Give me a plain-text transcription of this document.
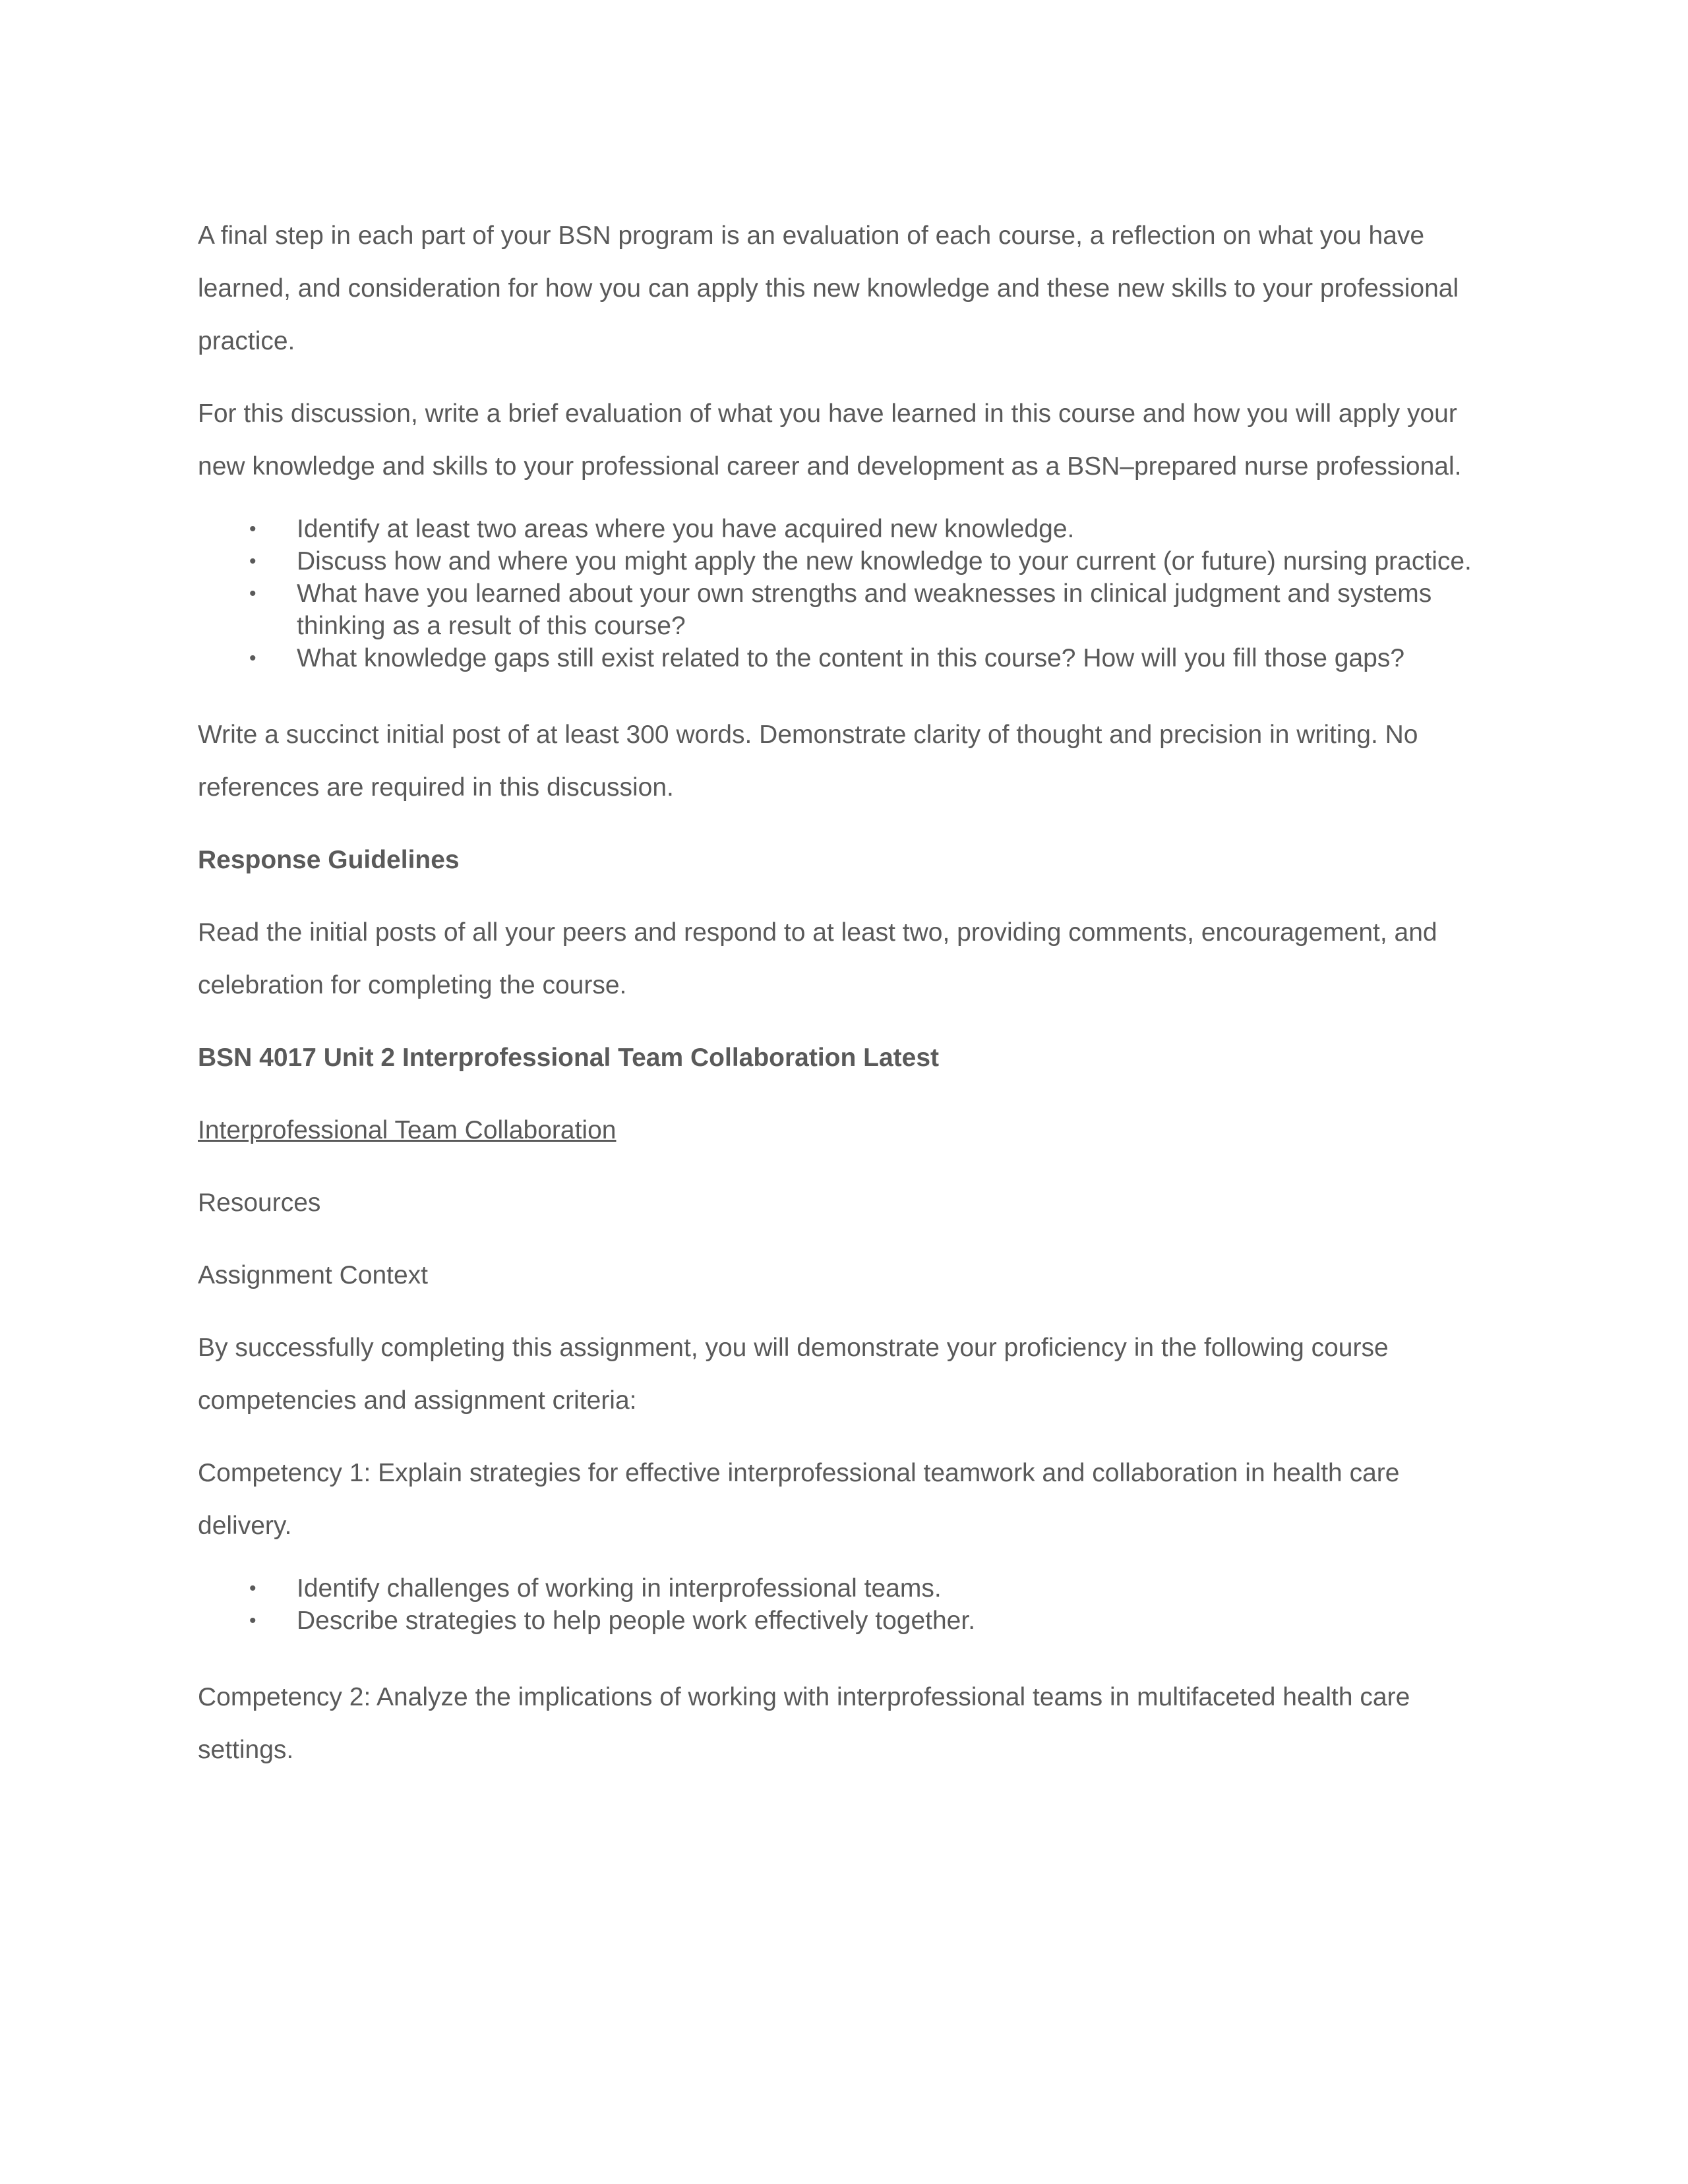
A final step in each part of your BSN program is an evaluation of each course, a reflection on what you have learned, and consideration for how you can apply this new knowledge and these new skills to your professional practice.

For this discussion, write a brief evaluation of what you have learned in this course and how you will apply your new knowledge and skills to your professional career and development as a BSN–prepared nurse professional.

• Identify at least two areas where you have acquired new knowledge.
• Discuss how and where you might apply the new knowledge to your current (or future) nursing practice.
• What have you learned about your own strengths and weaknesses in clinical judgment and systems thinking as a result of this course?
• What knowledge gaps still exist related to the content in this course? How will you fill those gaps?

Write a succinct initial post of at least 300 words. Demonstrate clarity of thought and precision in writing. No references are required in this discussion.

Response Guidelines

Read the initial posts of all your peers and respond to at least two, providing comments, encouragement, and celebration for completing the course.

BSN 4017 Unit 2 Interprofessional Team Collaboration Latest

Interprofessional Team Collaboration

Resources

Assignment Context

By successfully completing this assignment, you will demonstrate your proficiency in the following course competencies and assignment criteria:

Competency 1: Explain strategies for effective interprofessional teamwork and collaboration in health care delivery.

• Identify challenges of working in interprofessional teams.
• Describe strategies to help people work effectively together.

Competency 2: Analyze the implications of working with interprofessional teams in multifaceted health care settings.
